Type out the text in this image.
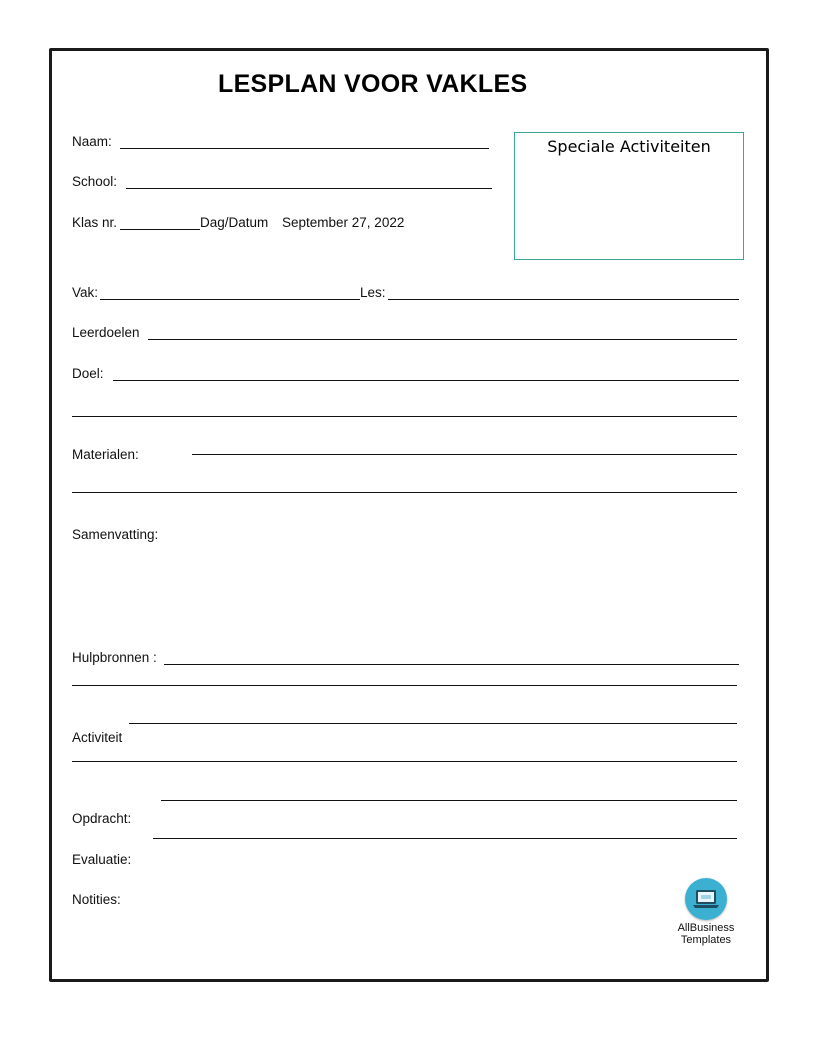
LESPLAN VOOR VAKLES
Naam:
School:
Klas nr.	Dag/Datum September 27, 2022
Speciale Activiteiten
Vak:	Les:
Leerdoelen
Doel:
Materialen:
Samenvatting:
Hulpbronnen :
Activiteit
Opdracht:
Evaluatie:
Notities:
AllBusiness
Templates
